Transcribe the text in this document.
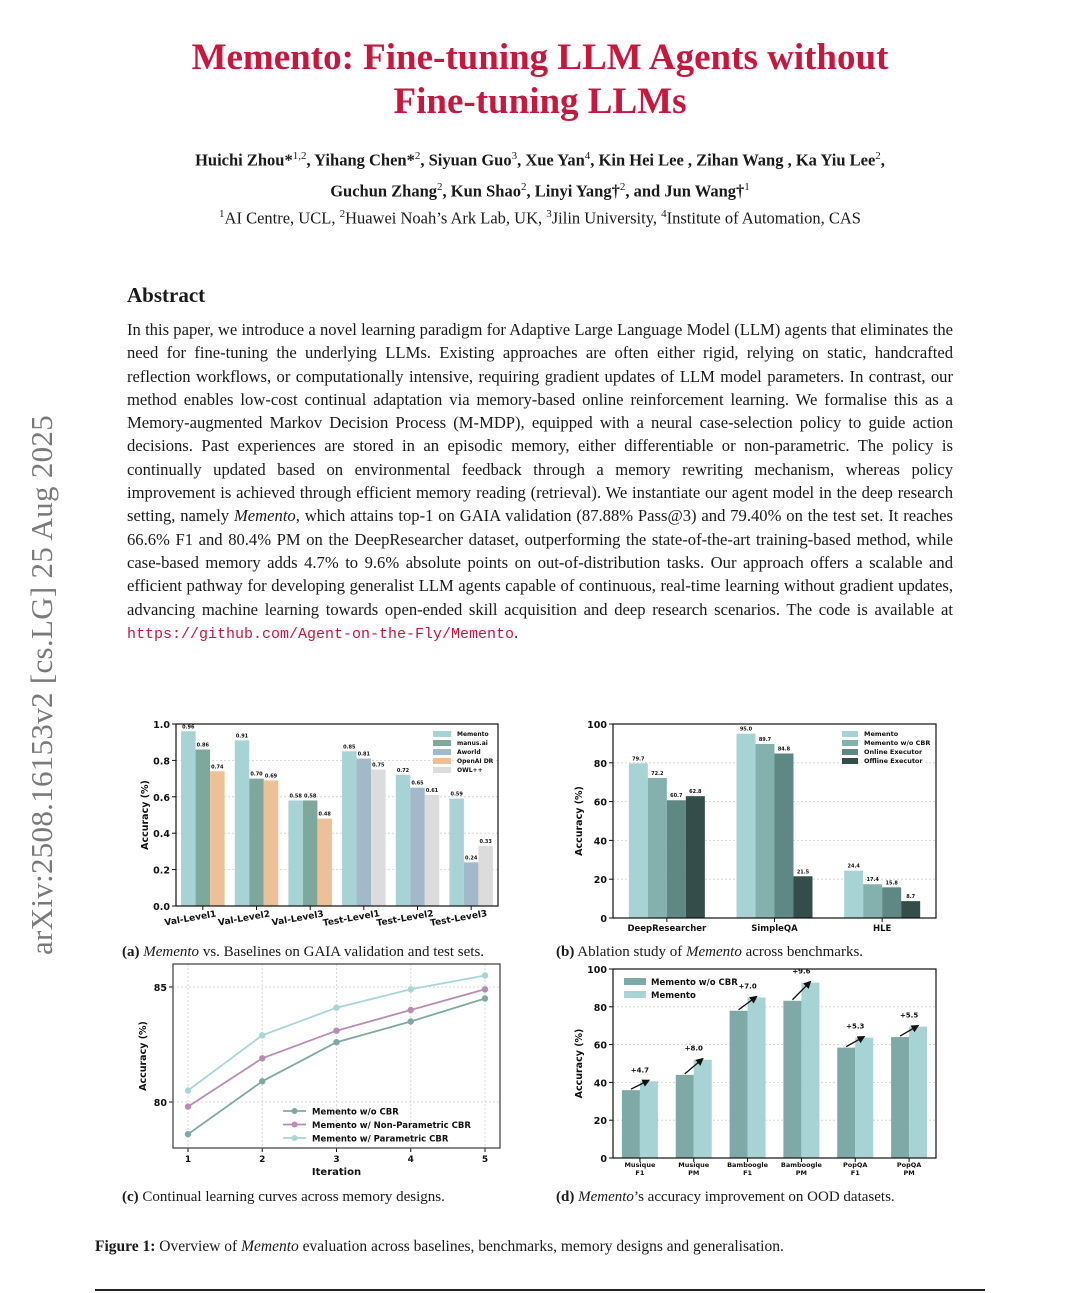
arXiv:2508.16153v2 [cs.LG] 25 Aug 2025
Memento: Fine-tuning LLM Agents without
Fine-tuning LLMs
Huichi Zhou*$^{1,2}$, Yihang Chen*$^2$, Siyuan Guo$^3$, Xue Yan$^4$, Kin Hei Lee , Zihan Wang , Ka Yiu Lee$^2$,
Guchun Zhang$^2$, Kun Shao$^2$, Linyi Yang†$^2$, and Jun Wang†$^1$
$^1$AI Centre, UCL, $^2$Huawei Noah’s Ark Lab, UK, $^3$Jilin University, $^4$Institute of Automation, CAS
Abstract
In this paper, we introduce a novel learning paradigm for Adaptive Large Language Model (LLM) agents that eliminates the need for fine-tuning the underlying LLMs. Existing approaches are often either rigid, relying on static, handcrafted reflection workflows, or computationally intensive, requiring gradient updates of LLM model parameters. In contrast, our method enables low-cost continual adaptation via memory-based online reinforcement learning. We formalise this as a Memory-augmented Markov Decision Process (M-MDP), equipped with a neural case-selection policy to guide action decisions. Past experiences are stored in an episodic memory, either differentiable or non-parametric. The policy is continually updated based on environmental feedback through a memory rewriting mechanism, whereas policy improvement is achieved through efficient memory reading (retrieval). We instantiate our agent model in the deep research setting, namely Memento, which attains top-1 on GAIA validation (87.88% Pass@3) and 79.40% on the test set. It reaches 66.6% F1 and 80.4% PM on the DeepResearcher dataset, outperforming the state-of-the-art training-based method, while case-based memory adds 4.7% to 9.6% absolute points on out-of-distribution tasks. Our approach offers a scalable and efficient pathway for developing generalist LLM agents capable of continuous, real-time learning without gradient updates, advancing machine learning towards open-ended skill acquisition and deep research scenarios. The code is available at https://github.com/Agent-on-the-Fly/Memento.
0.0
0.2
0.4
0.6
0.8
1.0
Accuracy (%)
0.96
0.86
0.74
Val-Level1
0.91
0.70 0.69
Val-Level2
0.58 0.58
0.48
Val-Level3
0.85
0.81
0.75
Test-Level1
0.72
0.65
0.61
Test-Level2
0.59
0.24
0.33
Test-Level3
Memento
manus.ai
Aworld
OpenAI DR
OWL++
(a) Memento vs. Baselines on GAIA validation and test sets.
0
20
40
60
80
100
Accuracy (%)
79.7
72.2
60.7
62.8
DeepResearcher
95.0
89.7
84.8
21.5
SimpleQA
24.4
17.4
15.8
8.7
HLE
Memento
Memento w/o CBR
Online Executor
Offline Executor
(b) Ablation study of Memento across benchmarks.
80
85
1	2	3	4	5
Iteration
Accuracy (%)
Memento w/o CBR
Memento w/ Non-Parametric CBR
Memento w/ Parametric CBR
(c) Continual learning curves across memory designs.
0
20
40
60
80
100
Accuracy (%)
Musique
F1
Musique
PM
Bamboogle
F1
Bamboogle
PM
PopQA
F1
PopQA
PM
+4.7
+8.0
+7.0
+9.6
+5.3
+5.5
Memento w/o CBR
Memento
(d) Memento’s accuracy improvement on OOD datasets.
Figure 1: Overview of Memento evaluation across baselines, benchmarks, memory designs and generalisation.
